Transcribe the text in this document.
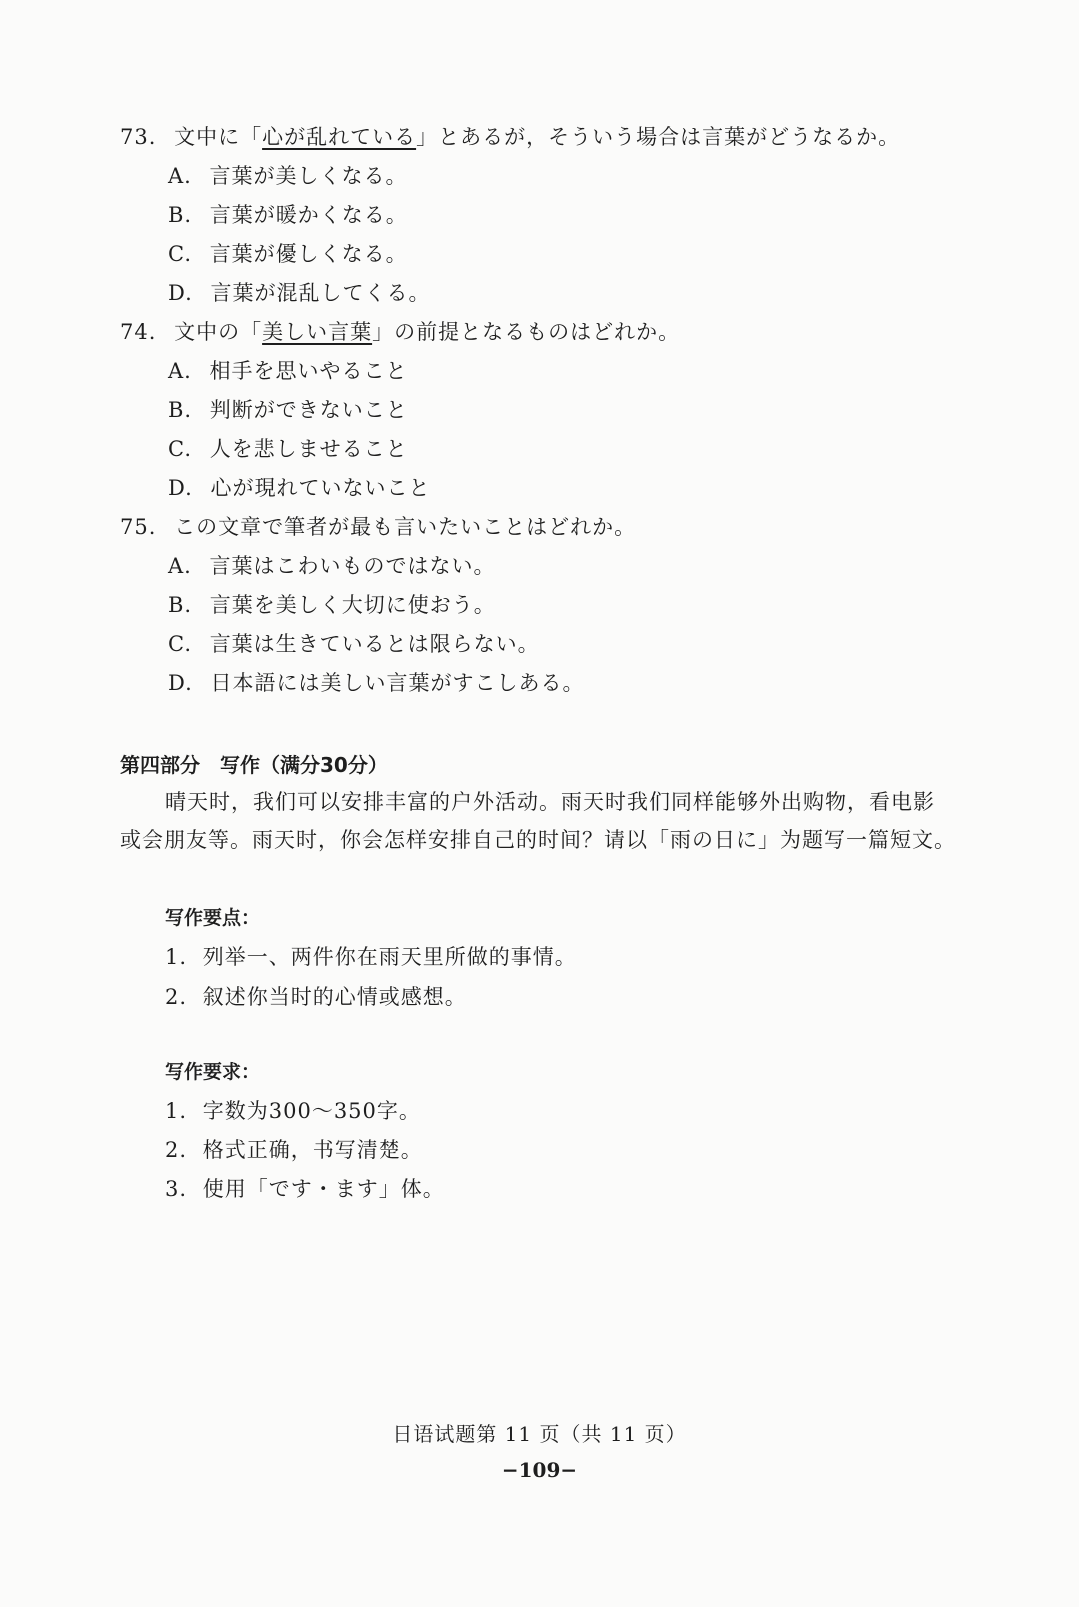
73. 文中に「心が乱れている」とあるが，そういう場合は言葉がどうなるか。
A. 言葉が美しくなる。
B. 言葉が暖かくなる。
C. 言葉が優しくなる。
D. 言葉が混乱してくる。
74. 文中の「美しい言葉」の前提となるものはどれか。
A. 相手を思いやること
B. 判断ができないこと
C. 人を悲しませること
D. 心が現れていないこと
75. この文章で筆者が最も言いたいことはどれか。
A. 言葉はこわいものではない。
B. 言葉を美しく大切に使おう。
C. 言葉は生きているとは限らない。
D. 日本語には美しい言葉がすこしある。
第四部分　写作（满分30分）
晴天时，我们可以安排丰富的户外活动。雨天时我们同样能够外出购物，看电影
或会朋友等。雨天时，你会怎样安排自己的时间？请以「雨の日に」为题写一篇短文。
写作要点：
1. 列举一、两件你在雨天里所做的事情。
2. 叙述你当时的心情或感想。
写作要求：
1. 字数为300～350字。
2. 格式正确，书写清楚。
3. 使用「です・ます」体。
日语试题第 11 页（共 11 页）
−109−
